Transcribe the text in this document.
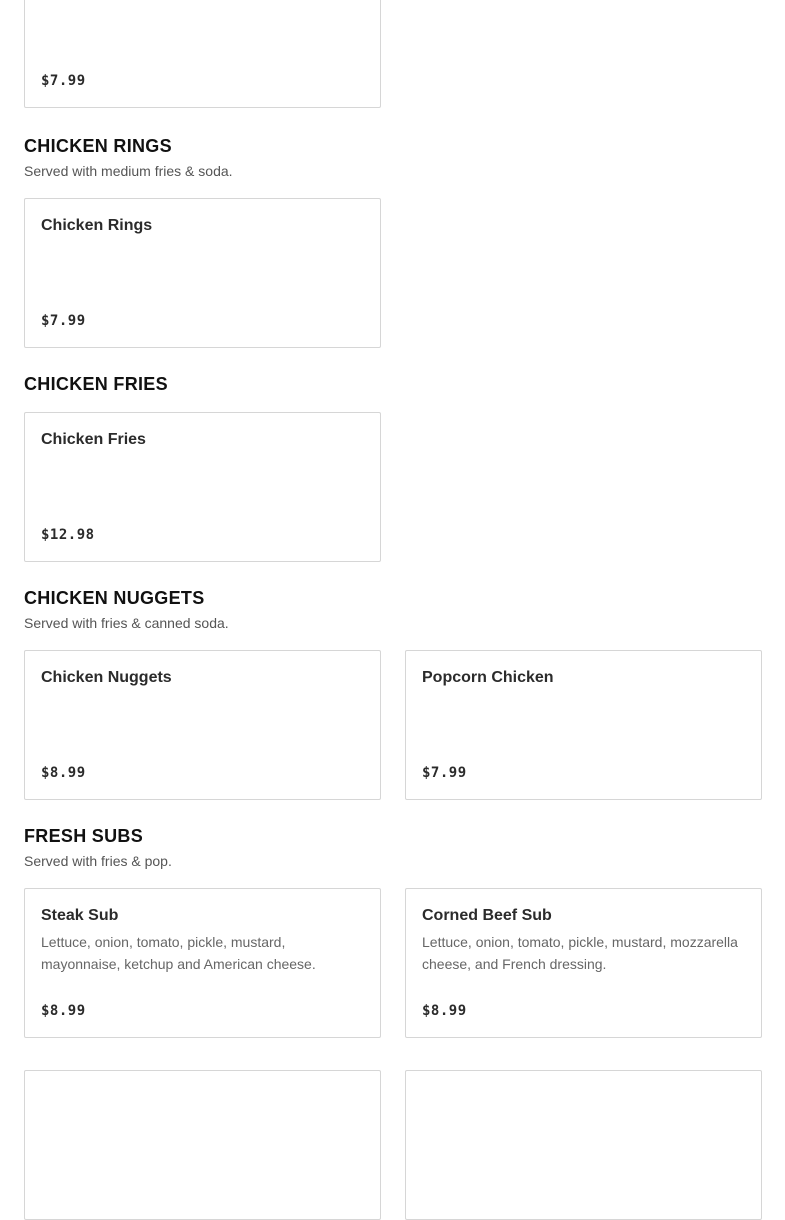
$7.99
CHICKEN RINGS

Served with medium fries & soda.

Chicken Rings
$7.99
CHICKEN FRIES
Chicken Fries
$12.98
CHICKEN NUGGETS

Served with fries & canned soda.

Chicken Nuggets
$8.99
Popcorn Chicken
$7.99
FRESH SUBS

Served with fries & pop.

Steak Sub
Lettuce, onion, tomato, pickle, mustard, mayonnaise, ketchup and American cheese.
$8.99
Corned Beef Sub
Lettuce, onion, tomato, pickle, mustard, mozzarella cheese, and French dressing.
$8.99
